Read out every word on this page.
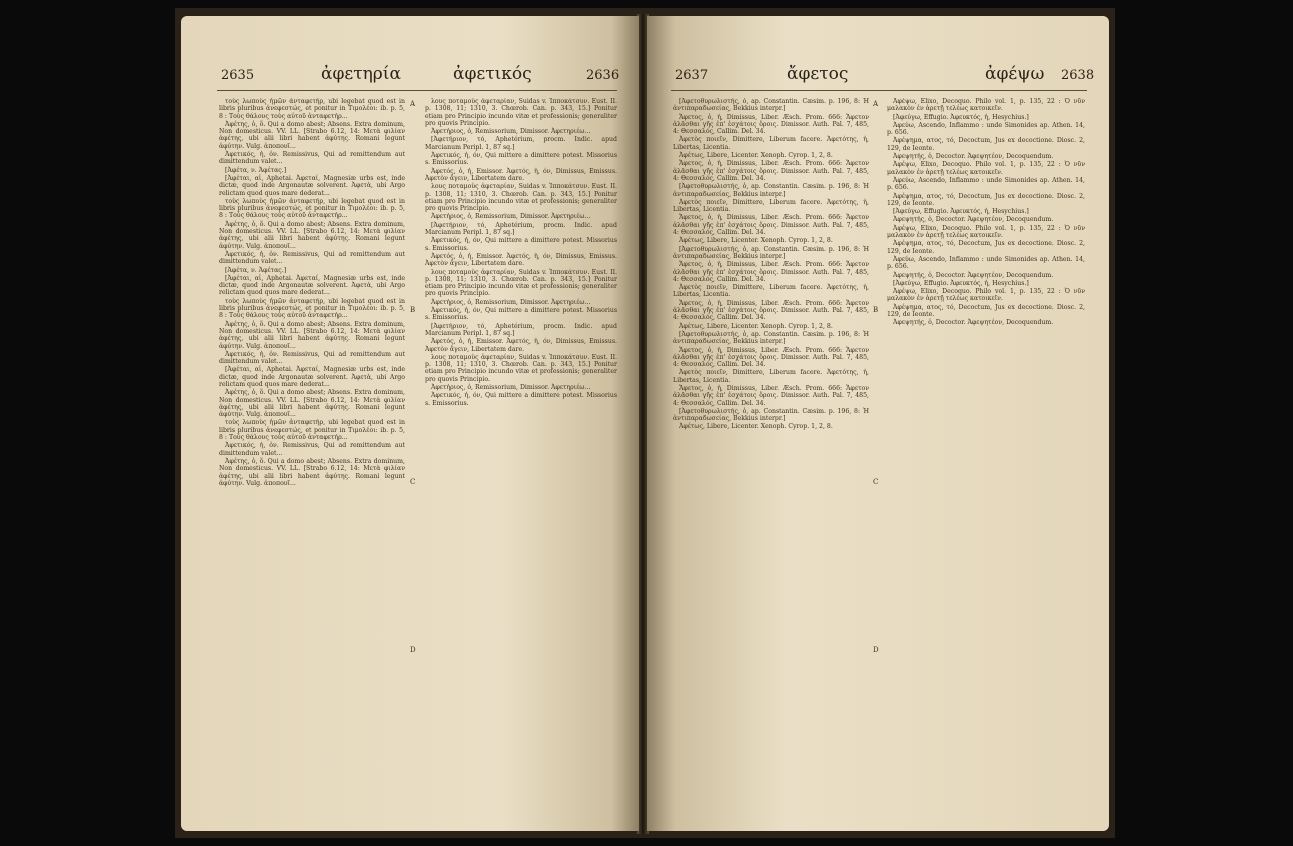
2635	ἀφετηρία	ἀφετικός	2636

τοὺς λωποὺς ἡμῶν ἀνταφετήρ, ubi legebat quod est in libris pluribus ἀνεφεστώς, et ponitur in Τιμολέοι: ib. p. 5, 8 : Τοὺς θάλους τοὺς αὐτοῦ ἀνταφετήρ...

Ἀφέτης, ὁ, ὅ. Qui a domo abest; Absens. Extra dominum, Non domesticus. VV. LL. [Strabo 6.12, 14: Μετὰ φιλίαν ἀφέτης, ubi alii libri habent ἀφύτης. Romani legunt ἀφύτην. Vulg. ἀποπουῖ...

Ἀφετικός, ἡ, ὁν. Remissivus, Qui ad remittendum aut dimittendum valet...

[Ἀφέτα, ν. Ἀφέτας.]

[Ἀφέται, αἱ, Aphetai. Ἀφεταί, Magnesiæ urbs est, inde dictæ, quod inde Argonautæ solverent. Ἀφετὰ, ubi Argo relictam quod quos mare dederat...

τοὺς λωποὺς ἡμῶν ἀνταφετήρ, ubi legebat quod est in libris pluribus ἀνεφεστώς, et ponitur in Τιμολέοι: ib. p. 5, 8 : Τοὺς θάλους τοὺς αὐτοῦ ἀνταφετήρ...

Ἀφέτης, ὁ, ὅ. Qui a domo abest; Absens. Extra dominum, Non domesticus. VV. LL. [Strabo 6.12, 14: Μετὰ φιλίαν ἀφέτης, ubi alii libri habent ἀφύτης. Romani legunt ἀφύτην. Vulg. ἀποπουῖ...

Ἀφετικός, ἡ, ὁν. Remissivus, Qui ad remittendum aut dimittendum valet...

[Ἀφέτα, ν. Ἀφέτας.]

[Ἀφέται, αἱ, Aphetai. Ἀφεταί, Magnesiæ urbs est, inde dictæ, quod inde Argonautæ solverent. Ἀφετὰ, ubi Argo relictam quod quos mare dederat...

τοὺς λωποὺς ἡμῶν ἀνταφετήρ, ubi legebat quod est in libris pluribus ἀνεφεστώς, et ponitur in Τιμολέοι: ib. p. 5, 8 : Τοὺς θάλους τοὺς αὐτοῦ ἀνταφετήρ...

Ἀφέτης, ὁ, ὅ. Qui a domo abest; Absens. Extra dominum, Non domesticus. VV. LL. [Strabo 6.12, 14: Μετὰ φιλίαν ἀφέτης, ubi alii libri habent ἀφύτης. Romani legunt ἀφύτην. Vulg. ἀποπουῖ...

Ἀφετικός, ἡ, ὁν. Remissivus, Qui ad remittendum aut dimittendum valet...

[Ἀφέται, αἱ, Aphetai. Ἀφεταί, Magnesiæ urbs est, inde dictæ, quod inde Argonautæ solverent. Ἀφετὰ, ubi Argo relictam quod quos mare dederat...

Ἀφέτης, ὁ, ὅ. Qui a domo abest; Absens. Extra dominum, Non domesticus. VV. LL. [Strabo 6.12, 14: Μετὰ φιλίαν ἀφέτης, ubi alii libri habent ἀφύτης. Romani legunt ἀφύτην. Vulg. ἀποπουῖ...

τοὺς λωποὺς ἡμῶν ἀνταφετήρ, ubi legebat quod est in libris pluribus ἀνεφεστώς, et ponitur in Τιμολέοι: ib. p. 5, 8 : Τοὺς θάλους τοὺς αὐτοῦ ἀνταφετήρ...

Ἀφετικός, ἡ, ὁν. Remissivus, Qui ad remittendum aut dimittendum valet...

Ἀφέτης, ὁ, ὅ. Qui a domo abest; Absens. Extra dominum, Non domesticus. VV. LL. [Strabo 6.12, 14: Μετὰ φιλίαν ἀφέτης, ubi alii libri habent ἀφύτης. Romani legunt ἀφύτην. Vulg. ἀποπουῖ...

A
B
C
D

λους ποταμοὺς ἀφεταρίαν, Suidas v. Ἱπποκάτσυν. Eust. II. p. 1308, 11; 1310, 3. Chœrob. Can. p. 343, 15.] Ponitur etiam pro Principio incundo vitæ et professionis; generaliter pro quovis Principio.

Ἀφετήριος, ὁ, Remissorium, Dimissor. Ἀφετηριέω...

[Ἀφετήριον, τό, Aphetérium, procm. Indic. apud Marcianum Peripl. 1, 87 sq.]

Ἀφετικός, ἡ, όν, Qui mittere a dimittere potest. Missorius s. Emissorius.

Ἀφετός, ὁ, ἡ, Emissor. Ἀφετός, ἡ, όν, Dimissus, Emissus. Ἀφετὸν ἄγειν, Libertatem dare.

λους ποταμοὺς ἀφεταρίαν, Suidas v. Ἱπποκάτσυν. Eust. II. p. 1308, 11; 1310, 3. Chœrob. Can. p. 343, 15.] Ponitur etiam pro Principio incundo vitæ et professionis; generaliter pro quovis Principio.

Ἀφετήριος, ὁ, Remissorium, Dimissor. Ἀφετηριέω...

[Ἀφετήριον, τό, Aphetérium, procm. Indic. apud Marcianum Peripl. 1, 87 sq.]

Ἀφετικός, ἡ, όν, Qui mittere a dimittere potest. Missorius s. Emissorius.

Ἀφετός, ὁ, ἡ, Emissor. Ἀφετός, ἡ, όν, Dimissus, Emissus. Ἀφετὸν ἄγειν, Libertatem dare.

λους ποταμοὺς ἀφεταρίαν, Suidas v. Ἱπποκάτσυν. Eust. II. p. 1308, 11; 1310, 3. Chœrob. Can. p. 343, 15.] Ponitur etiam pro Principio incundo vitæ et professionis; generaliter pro quovis Principio.

Ἀφετήριος, ὁ, Remissorium, Dimissor. Ἀφετηριέω...

Ἀφετικός, ἡ, όν, Qui mittere a dimittere potest. Missorius s. Emissorius.

[Ἀφετήριον, τό, Aphetérium, procm. Indic. apud Marcianum Peripl. 1, 87 sq.]

Ἀφετός, ὁ, ἡ, Emissor. Ἀφετός, ἡ, όν, Dimissus, Emissus. Ἀφετὸν ἄγειν, Libertatem dare.

λους ποταμοὺς ἀφεταρίαν, Suidas v. Ἱπποκάτσυν. Eust. II. p. 1308, 11; 1310, 3. Chœrob. Can. p. 343, 15.] Ponitur etiam pro Principio incundo vitæ et professionis; generaliter pro quovis Principio.

Ἀφετήριος, ὁ, Remissorium, Dimissor. Ἀφετηριέω...

Ἀφετικός, ἡ, όν, Qui mittere a dimittere potest. Missorius s. Emissorius.

2637	ἄφετος	ἀφέψω 2638

[Ἀφετοθυρωλιστής, ὁ, ap. Constantin. Cæsim. p. 196, 8: Ἡ ἀντιπαραδωσείας, Bekkius interpr.]

Ἄφετος, ὁ, ἡ, Dimissus, Liber. Æsch. Prom. 666: Ἄφετον ἀλᾶσθαι γῆς ἐπ' ἐσχάτοις ὅροις. Dimissor. Auth. Pal. 7, 485, 4: Θεσσαλός, Callim. Del. 34.

Ἀφετὸς ποιεῖν, Dimittere, Liberum facere. Ἀφετότης, ἡ, Libertas, Licentia.

Ἀφέτως, Libere, Licenter. Xenoph. Cyrop. 1, 2, 8.

Ἄφετος, ὁ, ἡ, Dimissus, Liber. Æsch. Prom. 666: Ἄφετον ἀλᾶσθαι γῆς ἐπ' ἐσχάτοις ὅροις. Dimissor. Auth. Pal. 7, 485, 4: Θεσσαλός, Callim. Del. 34.

[Ἀφετοθυρωλιστής, ὁ, ap. Constantin. Cæsim. p. 196, 8: Ἡ ἀντιπαραδωσείας, Bekkius interpr.]

Ἀφετὸς ποιεῖν, Dimittere, Liberum facere. Ἀφετότης, ἡ, Libertas, Licentia.

Ἄφετος, ὁ, ἡ, Dimissus, Liber. Æsch. Prom. 666: Ἄφετον ἀλᾶσθαι γῆς ἐπ' ἐσχάτοις ὅροις. Dimissor. Auth. Pal. 7, 485, 4: Θεσσαλός, Callim. Del. 34.

Ἀφέτως, Libere, Licenter. Xenoph. Cyrop. 1, 2, 8.

[Ἀφετοθυρωλιστής, ὁ, ap. Constantin. Cæsim. p. 196, 8: Ἡ ἀντιπαραδωσείας, Bekkius interpr.]

Ἄφετος, ὁ, ἡ, Dimissus, Liber. Æsch. Prom. 666: Ἄφετον ἀλᾶσθαι γῆς ἐπ' ἐσχάτοις ὅροις. Dimissor. Auth. Pal. 7, 485, 4: Θεσσαλός, Callim. Del. 34.

Ἀφετὸς ποιεῖν, Dimittere, Liberum facere. Ἀφετότης, ἡ, Libertas, Licentia.

Ἄφετος, ὁ, ἡ, Dimissus, Liber. Æsch. Prom. 666: Ἄφετον ἀλᾶσθαι γῆς ἐπ' ἐσχάτοις ὅροις. Dimissor. Auth. Pal. 7, 485, 4: Θεσσαλός, Callim. Del. 34.

Ἀφέτως, Libere, Licenter. Xenoph. Cyrop. 1, 2, 8.

[Ἀφετοθυρωλιστής, ὁ, ap. Constantin. Cæsim. p. 196, 8: Ἡ ἀντιπαραδωσείας, Bekkius interpr.]

Ἄφετος, ὁ, ἡ, Dimissus, Liber. Æsch. Prom. 666: Ἄφετον ἀλᾶσθαι γῆς ἐπ' ἐσχάτοις ὅροις. Dimissor. Auth. Pal. 7, 485, 4: Θεσσαλός, Callim. Del. 34.

Ἀφετὸς ποιεῖν, Dimittere, Liberum facere. Ἀφετότης, ἡ, Libertas, Licentia.

Ἄφετος, ὁ, ἡ, Dimissus, Liber. Æsch. Prom. 666: Ἄφετον ἀλᾶσθαι γῆς ἐπ' ἐσχάτοις ὅροις. Dimissor. Auth. Pal. 7, 485, 4: Θεσσαλός, Callim. Del. 34.

[Ἀφετοθυρωλιστής, ὁ, ap. Constantin. Cæsim. p. 196, 8: Ἡ ἀντιπαραδωσείας, Bekkius interpr.]

Ἀφέτως, Libere, Licenter. Xenoph. Cyrop. 1, 2, 8.

A
B
C
D

Ἀφέψω, Elixo, Decoquo. Philo vol. 1, p. 135, 22 : Ὁ νῦν μαλακὸν ἐν ἀρετῇ τελέως κατοικεῖν.

[Ἀφεύγω, Effugio. Ἀφευκτός, ἡ, Hesychius.]

Ἀφεύω, Ascendo, Inflammo : unde Simonides ap. Athen. 14, p. 656.

Ἀφέψημα, ατος, τό, Decoctum, Jus ex decoctione. Diosc. 2, 129, de Ieonte.

Ἀφεψητής, ὁ, Decoctor. Ἀφεψητέον, Decoquendum.

Ἀφέψω, Elixo, Decoquo. Philo vol. 1, p. 135, 22 : Ὁ νῦν μαλακὸν ἐν ἀρετῇ τελέως κατοικεῖν.

Ἀφεύω, Ascendo, Inflammo : unde Simonides ap. Athen. 14, p. 656.

Ἀφέψημα, ατος, τό, Decoctum, Jus ex decoctione. Diosc. 2, 129, de Ieonte.

[Ἀφεύγω, Effugio. Ἀφευκτός, ἡ, Hesychius.]

Ἀφεψητής, ὁ, Decoctor. Ἀφεψητέον, Decoquendum.

Ἀφέψω, Elixo, Decoquo. Philo vol. 1, p. 135, 22 : Ὁ νῦν μαλακὸν ἐν ἀρετῇ τελέως κατοικεῖν.

Ἀφέψημα, ατος, τό, Decoctum, Jus ex decoctione. Diosc. 2, 129, de Ieonte.

Ἀφεύω, Ascendo, Inflammo : unde Simonides ap. Athen. 14, p. 656.

Ἀφεψητής, ὁ, Decoctor. Ἀφεψητέον, Decoquendum.

[Ἀφεύγω, Effugio. Ἀφευκτός, ἡ, Hesychius.]

Ἀφέψω, Elixo, Decoquo. Philo vol. 1, p. 135, 22 : Ὁ νῦν μαλακὸν ἐν ἀρετῇ τελέως κατοικεῖν.

Ἀφέψημα, ατος, τό, Decoctum, Jus ex decoctione. Diosc. 2, 129, de Ieonte.

Ἀφεψητής, ὁ, Decoctor. Ἀφεψητέον, Decoquendum.
